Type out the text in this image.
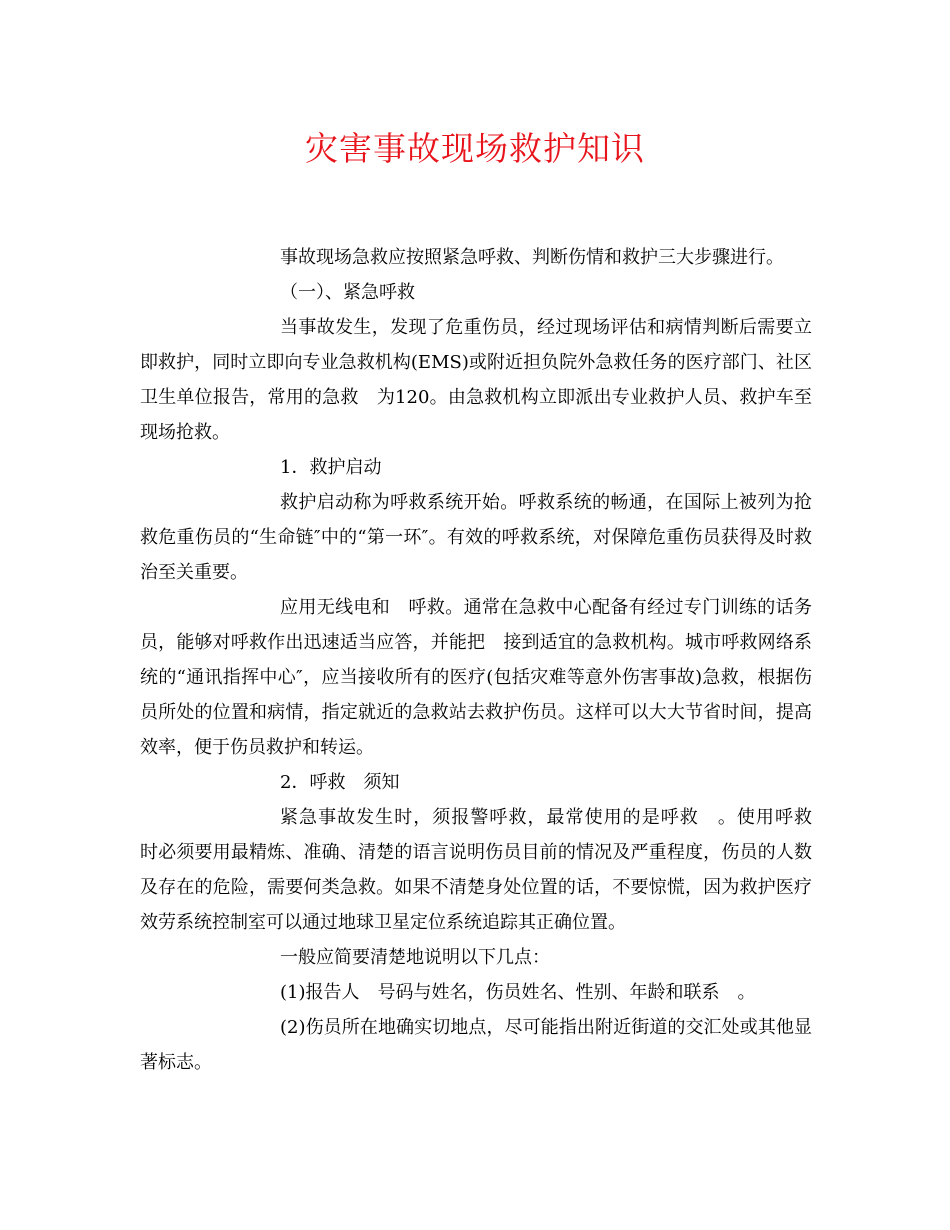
灾害事故现场救护知识

事故现场急救应按照紧急呼救、判断伤情和救护三大步骤进行。

（一）、紧急呼救

当事故发生，发现了危重伤员，经过现场评估和病情判断后需要立即救护，同时立即向专业急救机构(EMS)或附近担负院外急救任务的医疗部门、社区卫生单位报告，常用的急救　为120。由急救机构立即派出专业救护人员、救护车至现场抢救。

1．救护启动

救护启动称为呼救系统开始。呼救系统的畅通，在国际上被列为抢救危重伤员的“生命链″中的“第一环″。有效的呼救系统，对保障危重伤员获得及时救治至关重要。

应用无线电和　呼救。通常在急救中心配备有经过专门训练的话务员，能够对呼救作出迅速适当应答，并能把　接到适宜的急救机构。城市呼救网络系统的“通讯指挥中心″，应当接收所有的医疗(包括灾难等意外伤害事故)急救，根据伤员所处的位置和病情，指定就近的急救站去救护伤员。这样可以大大节省时间，提高效率，便于伤员救护和转运。

2．呼救　须知

紧急事故发生时，须报警呼救，最常使用的是呼救　。使用呼救　时必须要用最精炼、准确、清楚的语言说明伤员目前的情况及严重程度，伤员的人数及存在的危险，需要何类急救。如果不清楚身处位置的话，不要惊慌，因为救护医疗效劳系统控制室可以通过地球卫星定位系统追踪其正确位置。

一般应简要清楚地说明以下几点：

(1)报告人　号码与姓名，伤员姓名、性别、年龄和联系　。

(2)伤员所在地确实切地点，尽可能指出附近街道的交汇处或其他显著标志。
